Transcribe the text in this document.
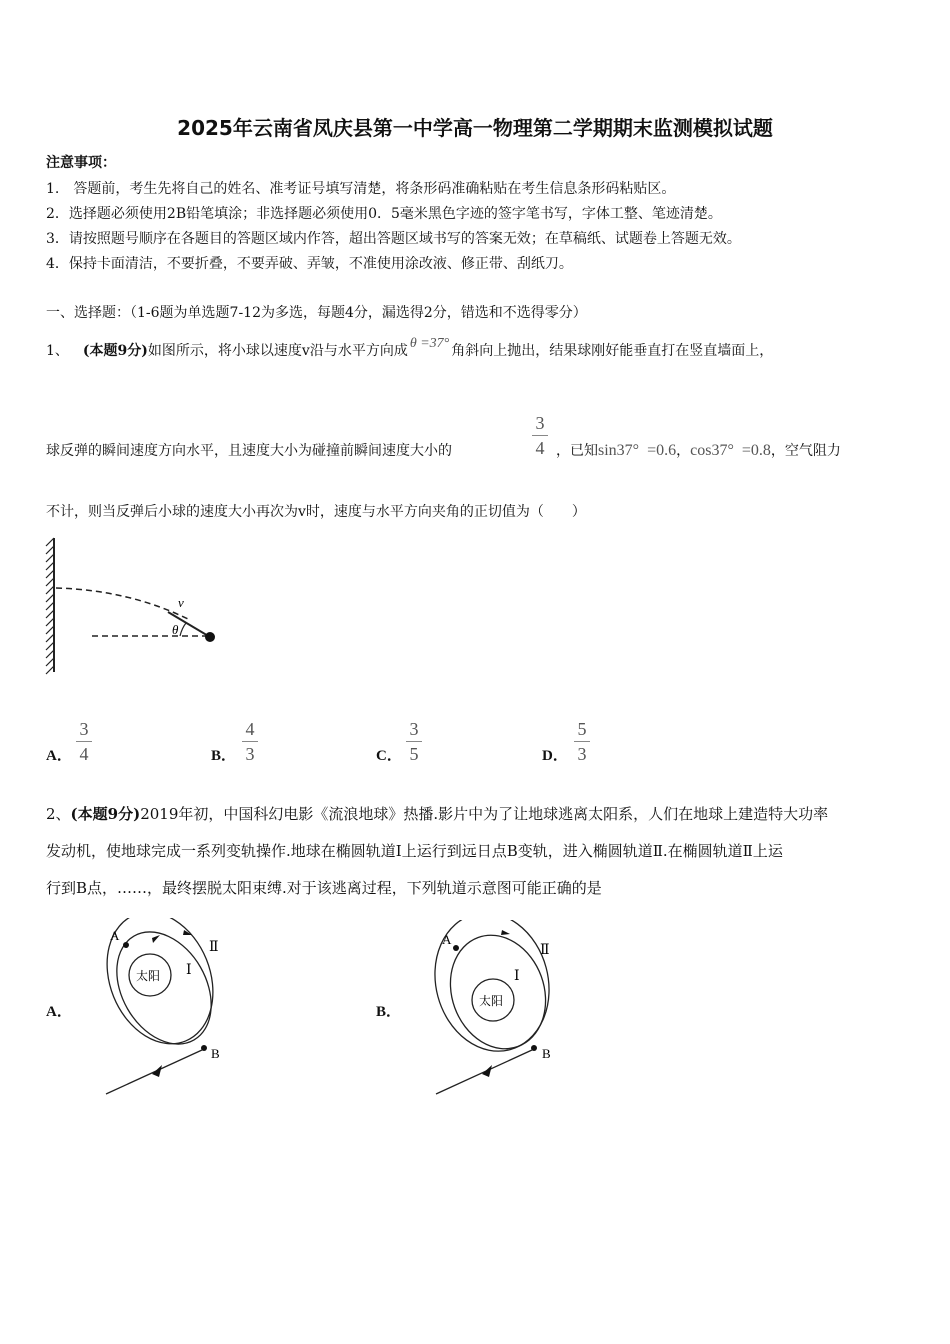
2025年云南省凤庆县第一中学高一物理第二学期期末监测模拟试题
注意事项：
1.　答题前，考生先将自己的姓名、准考证号填写清楚，将条形码准确粘贴在考生信息条形码粘贴区。
2．选择题必须使用2B铅笔填涂；非选择题必须使用0．5毫米黑色字迹的签字笔书写，字体工整、笔迹清楚。
3．请按照题号顺序在各题目的答题区域内作答，超出答题区域书写的答案无效；在草稿纸、试题卷上答题无效。
4．保持卡面清洁，不要折叠，不要弄破、弄皱，不准使用涂改液、修正带、刮纸刀。
一、选择题：（1-6题为单选题7-12为多选，每题4分，漏选得2分，错选和不选得零分）
1、 (本题9分)如图所示，将小球以速度v沿与水平方向成 θ =37° 角斜向上抛出，结果球刚好能垂直打在竖直墙面上，
球反弹的瞬间速度方向水平，且速度大小为碰撞前瞬间速度大小的
3
4 ，已知sin37° =0.6，cos37° =0.8，空气阻力
不计，则当反弹后小球的速度大小再次为v时，速度与水平方向夹角的正切值为（　　）
v
θ
A．
3
4	B．
4
3	C．
3
5	D．
5
3
2、(本题9分)2019年初，中国科幻电影《流浪地球》热播.影片中为了让地球逃离太阳系，人们在地球上建造特大功率
发动机，使地球完成一系列变轨操作.地球在椭圆轨道Ⅰ上运行到远日点B变轨，进入椭圆轨道Ⅱ.在椭圆轨道Ⅱ上运
行到B点，……，最终摆脱太阳束缚.对于该逃离过程，下列轨道示意图可能正确的是
A．
太阳
A
B
Ⅰ
Ⅱ
B．
太阳
A
B
Ⅰ
Ⅱ
